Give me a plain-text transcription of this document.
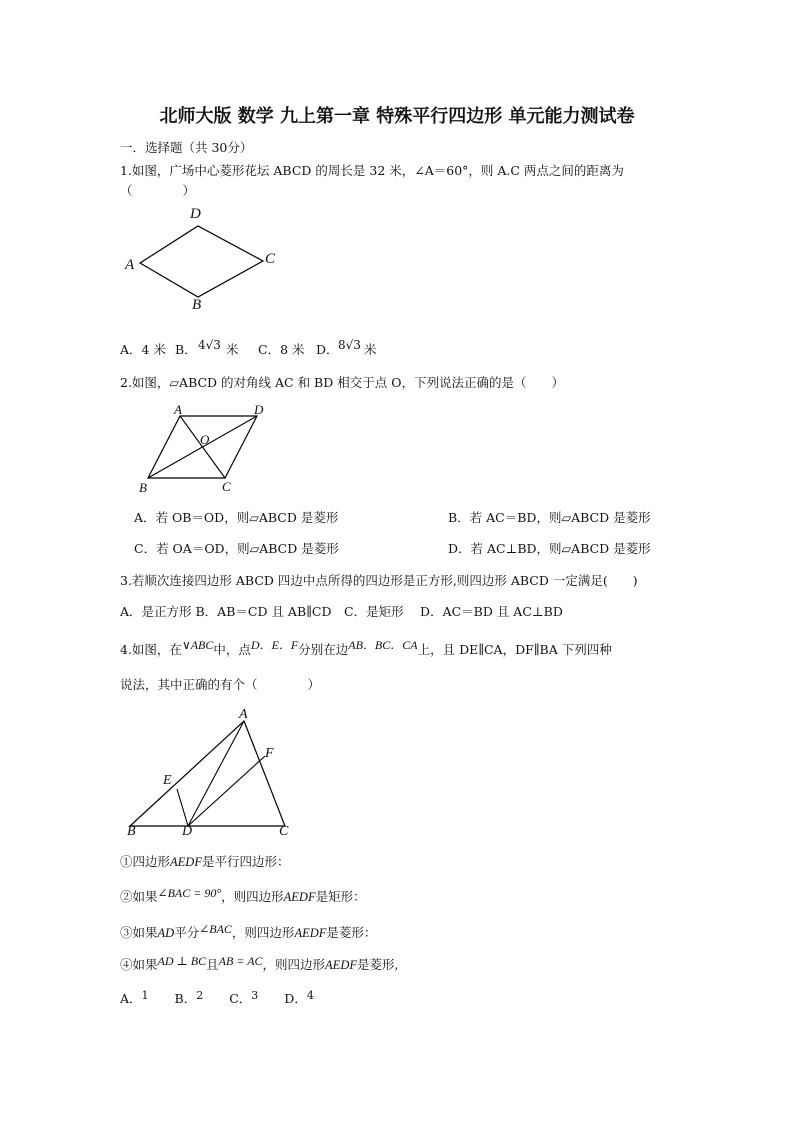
北师大版 数学 九上第一章 特殊平行四边形 单元能力测试卷
一．选择题（共 30分）
1.如图，广场中心菱形花坛 ABCD 的周长是 32 米，∠A＝60°，则 A.C 两点之间的距离为
（　　　　）
D
A	C
B
A．4 米 B． 4√3 米 C．8 米 D． 8√3 米
2.如图，▱ABCD 的对角线 AC 和 BD 相交于点 O，下列说法正确的是（　　）
A	D
O
B	C
A．若 OB＝OD，则▱ABCD 是菱形	B．若 AC＝BD，则▱ABCD 是菱形
C．若 OA＝OD，则▱ABCD 是菱形	D．若 AC⊥BD，则▱ABCD 是菱形
3.若顺次连接四边形 ABCD 四边中点所得的四边形是正方形,则四边形 ABCD 一定满足(　　)
A．是正方形 B．AB＝CD 且 AB∥CD　C．是矩形　 D．AC＝BD 且 AC⊥BD
4.如图，在∨ABC中，点D．E．F分别在边AB．BC．CA上，且 DE∥CA，DF∥BA 下列四种
说法，其中正确的有个（　　　　）
A
F
E
B	D	C
①四边形AEDF是平行四边形：
②如果∠BAC = 90°，则四边形AEDF是矩形：
③如果AD平分∠BAC，则四边形AEDF是菱形：
④如果AD ⊥ BC且AB = AC，则四边形AEDF是菱形,
A．1 B．2 C．3 D．4
